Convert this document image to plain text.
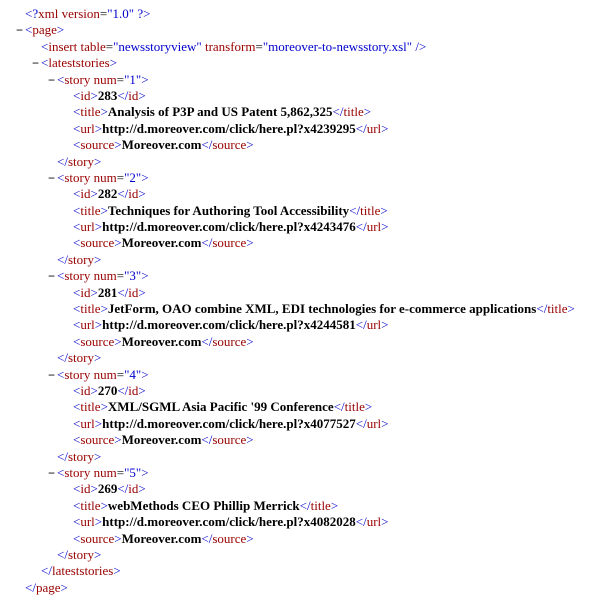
<?xml version="1.0" ?>
− <page>
<insert table="newsstoryview" transform="moreover-to-newsstory.xsl" />
− <lateststories>
− <story num="1">
<id>283</id>
<title>Analysis of P3P and US Patent 5,862,325</title>
<url>http://d.moreover.com/click/here.pl?x4239295</url>
<source>Moreover.com</source>
</story>
− <story num="2">
<id>282</id>
<title>Techniques for Authoring Tool Accessibility</title>
<url>http://d.moreover.com/click/here.pl?x4243476</url>
<source>Moreover.com</source>
</story>
− <story num="3">
<id>281</id>
<title>JetForm, OAO combine XML, EDI technologies for e-commerce applications</title>
<url>http://d.moreover.com/click/here.pl?x4244581</url>
<source>Moreover.com</source>
</story>
− <story num="4">
<id>270</id>
<title>XML/SGML Asia Pacific '99 Conference</title>
<url>http://d.moreover.com/click/here.pl?x4077527</url>
<source>Moreover.com</source>
</story>
− <story num="5">
<id>269</id>
<title>webMethods CEO Phillip Merrick</title>
<url>http://d.moreover.com/click/here.pl?x4082028</url>
<source>Moreover.com</source>
</story>
</lateststories>
</page>
